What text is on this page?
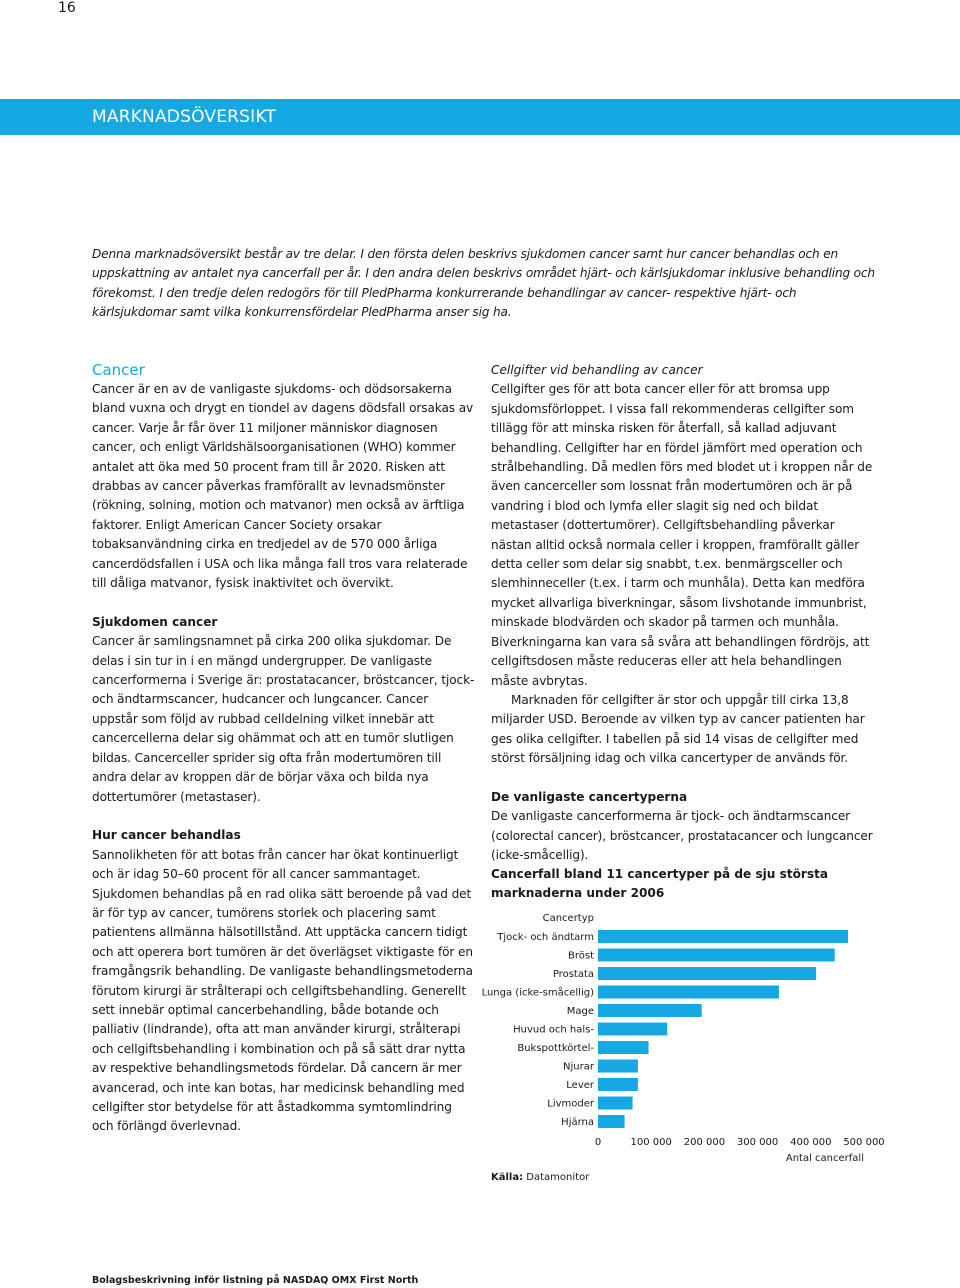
16
MARKNADSÖVERSIKT

Denna marknadsöversikt består av tre delar. I den första delen beskrivs sjukdomen cancer samt hur cancer behandlas och en uppskattning av antalet nya cancerfall per år. I den andra delen beskrivs området hjärt- och kärlsjukdomar inklusive behandling och förekomst. I den tredje delen redogörs för till PledPharma konkurrerande behandlingar av cancer- respektive hjärt- och kärlsjukdomar samt vilka konkurrensfördelar PledPharma anser sig ha.

Cancer

Cancer är en av de vanligaste sjukdoms- och dödsorsakerna bland vuxna och drygt en tiondel av dagens dödsfall orsakas av cancer. Varje år får över 11 miljoner människor diagnosen cancer, och enligt Världshälsoorganisationen (WHO) kommer antalet att öka med 50 procent fram till år 2020. Risken att drabbas av cancer påverkas framförallt av levnadsmönster (rökning, solning, motion och matvanor) men också av ärftliga faktorer. Enligt American Cancer Society orsakar tobaksanvändning cirka en tredjedel av de 570 000 årliga cancerdödsfallen i USA och lika många fall tros vara relaterade till dåliga matvanor, fysisk inaktivitet och övervikt.

Sjukdomen cancer

Cancer är samlingsnamnet på cirka 200 olika sjukdomar. De delas i sin tur in i en mängd undergrupper. De vanligaste cancerformerna i Sverige är: prostatacancer, bröstcancer, tjock- och ändtarmscancer, hudcancer och lungcancer. Cancer uppstår som följd av rubbad celldelning vilket innebär att cancercellerna delar sig ohämmat och att en tumör slutligen bildas. Cancerceller sprider sig ofta från modertumören till andra delar av kroppen där de börjar växa och bilda nya dottertumörer (metastaser).

Hur cancer behandlas

Sannolikheten för att botas från cancer har ökat kontinuerligt och är idag 50–60 procent för all cancer sammantaget. Sjukdomen behandlas på en rad olika sätt beroende på vad det är för typ av cancer, tumörens storlek och placering samt patientens allmänna hälsotillstånd. Att upptäcka cancern tidigt och att operera bort tumören är det överlägset viktigaste för en framgångsrik behandling. De vanligaste behandlingsmetoderna förutom kirurgi är strålterapi och cellgiftsbehandling. Generellt sett innebär optimal cancerbehandling, både botande och palliativ (lindrande), ofta att man använder kirurgi, strålterapi och cellgiftsbehandling i kombination och på så sätt drar nytta av respektive behandlingsmetods fördelar. Då cancern är mer avancerad, och inte kan botas, har medicinsk behandling med cellgifter stor betydelse för att åstadkomma symtomlindring och förlängd överlevnad.

Cellgifter vid behandling av cancer

Cellgifter ges för att bota cancer eller för att bromsa upp sjukdomsförloppet. I vissa fall rekommenderas cellgifter som tillägg för att minska risken för återfall, så kallad adjuvant behandling. Cellgifter har en fördel jämfört med operation och strålbehandling. Då medlen förs med blodet ut i kroppen når de även cancerceller som lossnat från modertumören och är på vandring i blod och lymfa eller slagit sig ned och bildat metastaser (dottertumörer). Cellgiftsbehandling påverkar nästan alltid också normala celler i kroppen, framförallt gäller detta celler som delar sig snabbt, t.ex. benmärgsceller och slemhinneceller (t.ex. i tarm och munhåla). Detta kan medföra mycket allvarliga biverkningar, såsom livshotande immunbrist, minskade blodvärden och skador på tarmen och munhåla. Biverkningarna kan vara så svåra att behandlingen fördröjs, att cellgiftsdosen måste reduceras eller att hela behandlingen måste avbrytas.

Marknaden för cellgifter är stor och uppgår till cirka 13,8 miljarder USD. Beroende av vilken typ av cancer patienten har ges olika cellgifter. I tabellen på sid 14 visas de cellgifter med störst försäljning idag och vilka cancertyper de används för.

De vanligaste cancertyperna

De vanligaste cancerformerna är tjock- och ändtarmscancer (colorectal cancer), bröstcancer, prostatacancer och lungcancer (icke-småcellig).

Cancerfall bland 11 cancertyper på de sju största marknaderna under 2006

Cancertyp
Tjock- och ändtarm
Bröst
Prostata
Lunga (icke-småcellig)
Mage
Huvud och hals-
Bukspottkörtel-
Njurar
Lever
Livmoder
Hjärna
0	100 000 200 000 300 000 400 000 500 000
Antal cancerfall
Källa: Datamonitor
Bolagsbeskrivning inför listning på NASDAQ OMX First North
